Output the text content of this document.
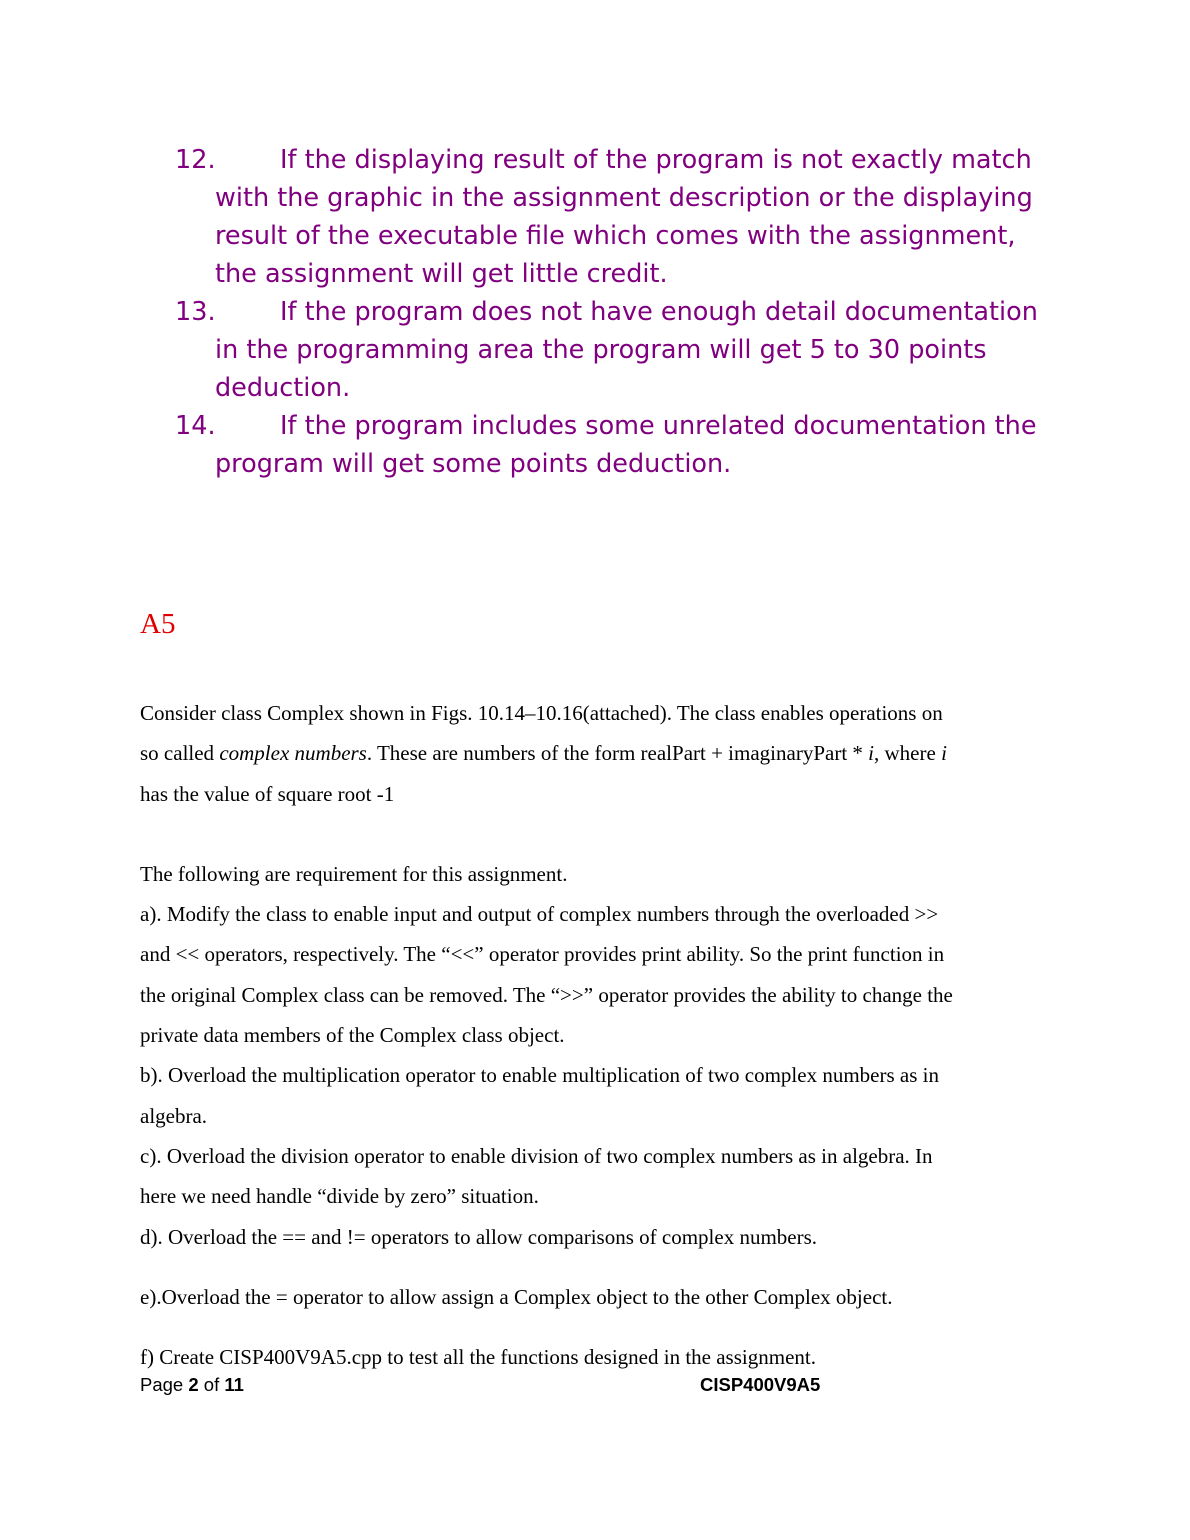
12.	If the displaying result of the program is not exactly match
with the graphic in the assignment description or the displaying
result of the executable file which comes with the assignment,
the assignment will get little credit.
13.	If the program does not have enough detail documentation
in the programming area the program will get 5 to 30 points
deduction.
14.	If the program includes some unrelated documentation the
program will get some points deduction.
A5
Consider class Complex shown in Figs. 10.14–10.16(attached). The class enables operations on
so called complex numbers. These are numbers of the form realPart + imaginaryPart * i, where i
has the value of square root -1
The following are requirement for this assignment.
a). Modify the class to enable input and output of complex numbers through the overloaded >>
and << operators, respectively. The “<<” operator provides print ability. So the print function in
the original Complex class can be removed. The “>>” operator provides the ability to change the
private data members of the Complex class object.
b). Overload the multiplication operator to enable multiplication of two complex numbers as in
algebra.
c). Overload the division operator to enable division of two complex numbers as in algebra. In
here we need handle “divide by zero” situation.
d). Overload the == and != operators to allow comparisons of complex numbers.
e).Overload the = operator to allow assign a Complex object to the other Complex object.
f) Create CISP400V9A5.cpp to test all the functions designed in the assignment.
Page 2 of 11	CISP400V9A5
